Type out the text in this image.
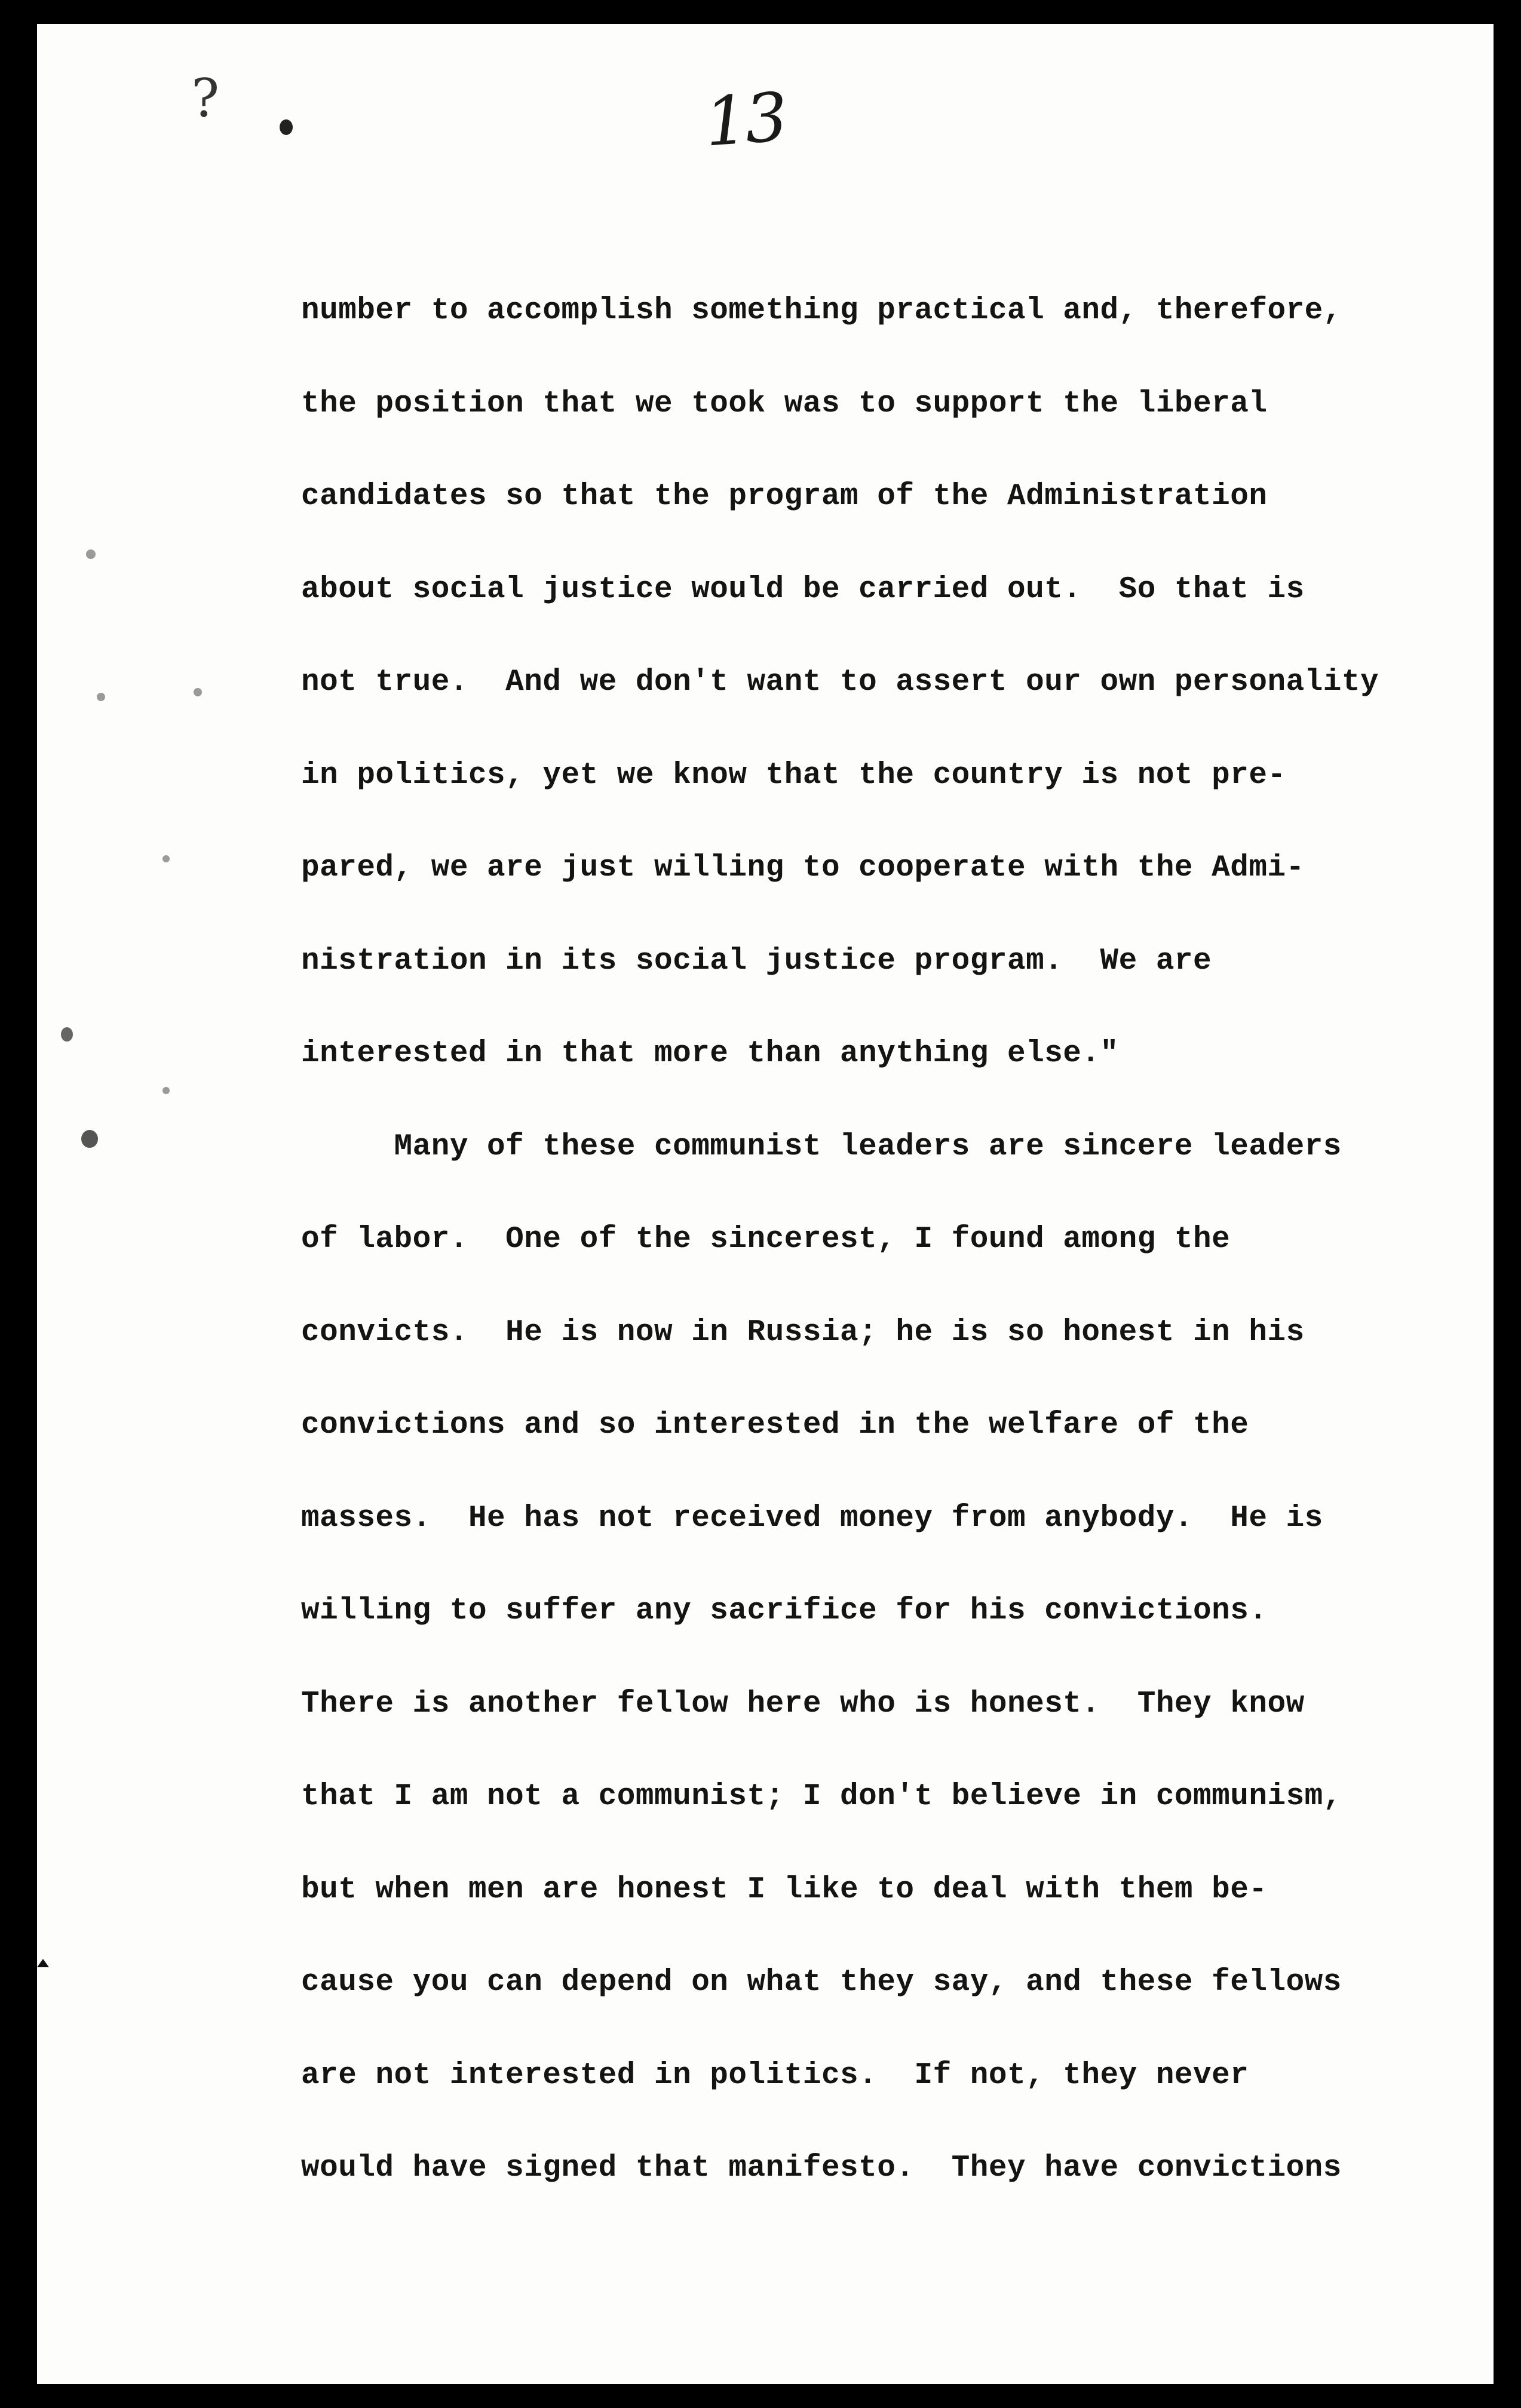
?	13

number to accomplish something practical and, therefore,

the position that we took was to support the liberal

candidates so that the program of the Administration

about social justice would be carried out.  So that is

not true.  And we don't want to assert our own personality

in politics, yet we know that the country is not pre-

pared, we are just willing to cooperate with the Admi-

nistration in its social justice program.  We are

interested in that more than anything else."

Many of these communist leaders are sincere leaders

of labor.  One of the sincerest, I found among the

convicts.  He is now in Russia; he is so honest in his

convictions and so interested in the welfare of the

masses.  He has not received money from anybody.  He is

willing to suffer any sacrifice for his convictions.

There is another fellow here who is honest.  They know

that I am not a communist; I don't believe in communism,

but when men are honest I like to deal with them be-

cause you can depend on what they say, and these fellows

are not interested in politics.  If not, they never

would have signed that manifesto.  They have convictions
